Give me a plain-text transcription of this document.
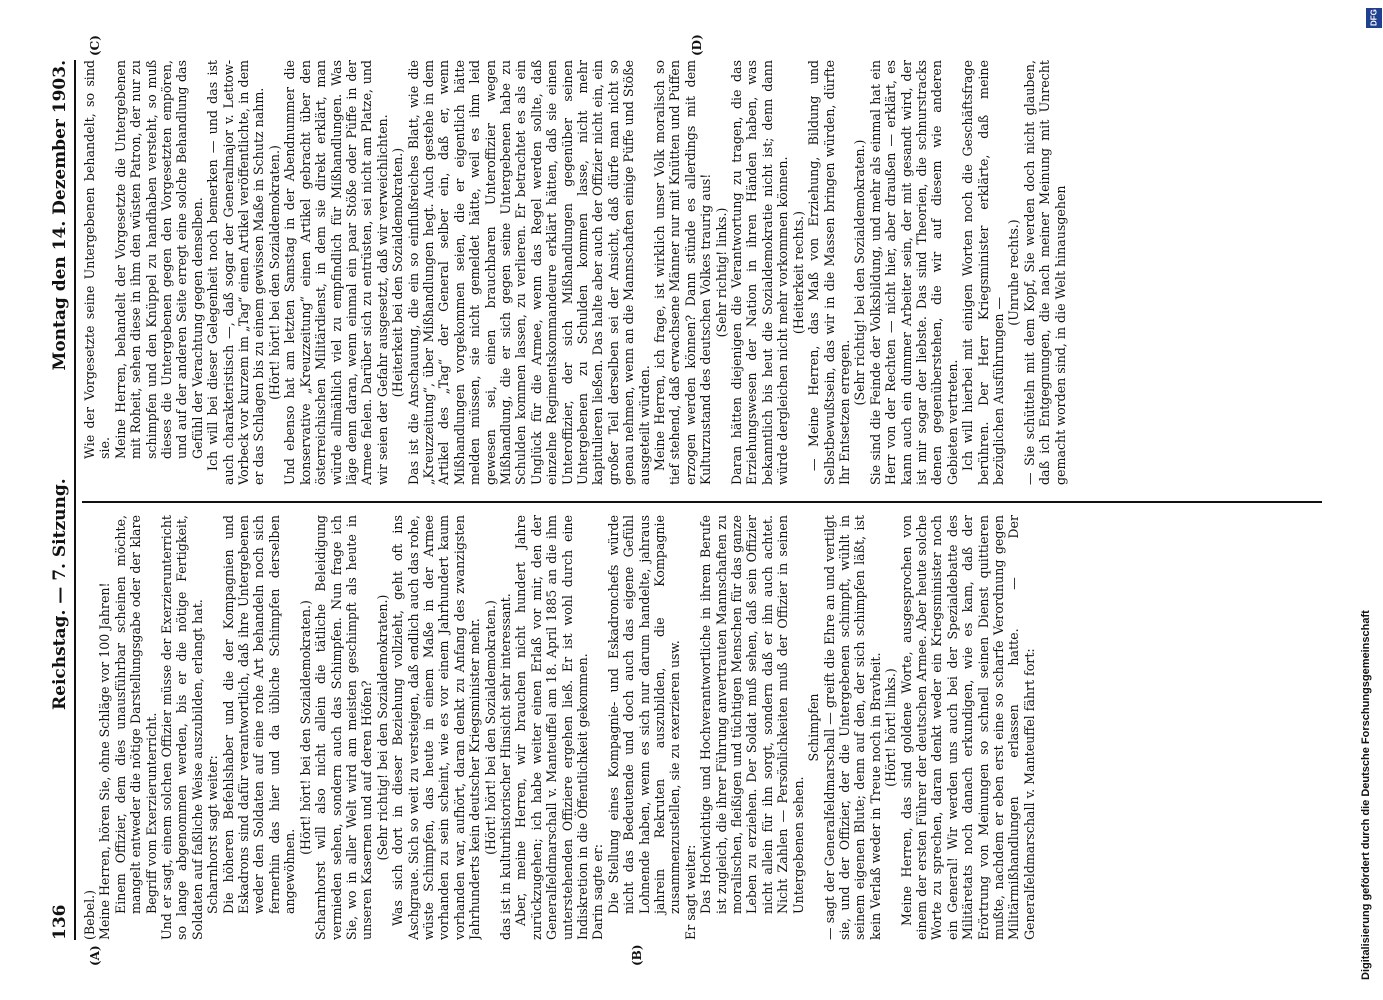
136
Reichstag. — 7. Sitzung.
Montag den 14. Dezember 1903.
(A)	(B)
(C)	(D)

(Bebel.) Meine Herren, hören Sie, ohne Schläge vor 100 Jahren! Einem Offizier, dem dies unausführbar scheinen möchte, mangelt entweder die nötige Darstellungsgabe oder der klare Begriff vom Exerzierunterricht. Und er sagt, einem solchen Offizier müsse der Exerzierunterricht so lange abgenommen werden, bis er die nötige Fertigkeit, Soldaten auf faßliche Weise auszubilden, erlangt hat. Scharnhorst sagt weiter: Die höheren Befehlshaber und die der Kompagnien und Eskadrons sind dafür verantwortlich, daß ihre Untergebenen weder den Soldaten auf eine rohe Art behandeln noch sich fernerhin das hier und da übliche Schimpfen derselben angewöhnen.

(Hört! hört! bei den Sozialdemokraten.) Scharnhorst will also nicht allein die tätliche Beleidigung vermieden sehen, sondern auch das Schimpfen. Nun frage ich Sie, wo in aller Welt wird am meisten geschimpft als heute in unseren Kasernen und auf deren Höfen? (Sehr richtig! bei den Sozialdemokraten.) Was sich dort in dieser Beziehung vollzieht, geht oft ins Aschgraue. Sich so weit zu versteigen, daß endlich auch das rohe, wüste Schimpfen, das heute in einem Maße in der Armee vorhanden zu sein scheint, wie es vor einem Jahrhundert kaum vorhanden war, aufhört, daran denkt zu Anfang des zwanzigsten Jahrhunderts kein deutscher Kriegsminister mehr. (Hört! hört! bei den Sozialdemokraten.) das ist in kulturhistorischer Hinsicht sehr interessant. Aber, meine Herren, wir brauchen nicht hundert Jahre zurückzugehen; ich habe weiter einen Erlaß vor mir, den der Generalfeldmarschall v. Manteuffel am 18. April 1885 an die ihm unterstehenden Offiziere ergehen ließ. Er ist wohl durch eine Indiskretion in die Öffentlichkeit gekommen. Darin sagte er: Die Stellung eines Kompagnie- und Eskadronchefs würde nicht das Bedeutende und doch auch das eigene Gefühl Lohnende haben, wenn es sich nur darum handelte, jahraus jahrein Rekruten auszubilden, die Kompagnie zusammenzustellen, sie zu exerzieren usw. Er sagt weiter: Das Hochwichtige und Hochverantwortliche in ihrem Berufe ist zugleich, die ihrer Führung anvertrauten Mannschaften zu moralischen, fleißigen und tüchtigen Menschen für das ganze Leben zu erziehen. Der Soldat muß sehen, daß sein Offizier nicht allein für ihn sorgt, sondern daß er ihn auch achtet. Nicht Zahlen — Persönlichkeiten muß der Offizier in seinen Untergebenen sehen.

Schimpfen — sagt der Generalfeldmarschall — greift die Ehre an und vertilgt sie, und der Offizier, der die Untergebenen schimpft, wühlt in seinem eigenen Blute; denn auf den, der sich schimpfen läßt, ist kein Verlaß weder in Treue noch in Bravheit. (Hört! hört! links.) Meine Herren, das sind goldene Worte, ausgesprochen von einem der ersten Führer der deutschen Armee. Aber heute solche Worte zu sprechen, daran denkt weder ein Kriegsminister noch ein General! Wir werden uns auch bei der Spezialdebatte des Militäretats noch danach erkundigen, wie es kam, daß der Erörtrung von Meinungen so schnell seinen Dienst quittieren mußte, nachdem er eben erst eine so scharfe Verordnung gegen Militärmißhandlungen erlassen hatte. — Der Generalfeldmarschall v. Manteuffel fährt fort:

Wie der Vorgesetzte seine Untergebenen behandelt, so sind sie. Meine Herren, behandelt der Vorgesetzte die Untergebenen mit Roheit, sehen diese in ihm den wüsten Patron, der nur zu schimpfen und den Knüppel zu handhaben versteht, so muß dieses die Untergebenen gegen den Vorgesetzten empören, und auf der anderen Seite erregt eine solche Behandlung das Gefühl der Verachtung gegen denselben. Ich will bei dieser Gelegenheit noch bemerken — und das ist auch charakteristisch —, daß sogar der Generalmajor v. Lettow-Vorbeck vor kurzem im „Tag“ einen Artikel veröffentlichte, in dem er das Schlagen bis zu einem gewissen Maße in Schutz nahm. (Hört! hört! bei den Sozialdemokraten.) Und ebenso hat am letzten Samstag in der Abendnummer die konservative „Kreuzzeitung“ einen Artikel gebracht über den österreichischen Militärdienst, in dem sie direkt erklärt, man würde allmählich viel zu empfindlich für Mißhandlungen. Was läge denn daran, wenn einmal ein paar Stöße oder Püffe in der Armee fielen. Darüber sich zu entrüsten, sei nicht am Platze, und wir seien der Gefahr ausgesetzt, daß wir verweichlichten. (Heiterkeit bei den Sozialdemokraten.) Das ist die Anschauung, die ein so einflußreiches Blatt, wie die „Kreuzzeitung“, über Mißhandlungen hegt. Auch gestehe in dem Artikel des „Tag“ der General selber ein, daß er, wenn Mißhandlungen vorgekommen seien, die er eigentlich hätte melden müssen, sie nicht gemeldet hätte, weil es ihm leid gewesen sei, einen brauchbaren Unteroffizier wegen Mißhandlung, die er sich gegen seine Untergebenen habe zu Schulden kommen lassen, zu verlieren. Er betrachtet es als ein Unglück für die Armee, wenn das Regel werden sollte, daß einzelne Regimentskommandeure erklärt hätten, daß sie einen Unteroffizier, der sich Mißhandlungen gegenüber seinen Untergebenen zu Schulden kommen lasse, nicht mehr kapitulieren ließen. Das halte aber auch der Offizier nicht ein, ein großer Teil derselben sei der Ansicht, daß dürfe man nicht so genau nehmen, wenn an die Mannschaften einige Püffe und Stöße ausgeteilt würden. Meine Herren, ich frage, ist wirklich unser Volk moralisch so tief stehend, daß erwachsene Männer nur mit Knütten und Püffen erzogen werden können? Dann stünde es allerdings mit dem Kulturzustand des deutschen Volkes traurig aus! (Sehr richtig! links.) Daran hätten diejenigen die Verantwortung zu tragen, die das Erziehungswesen der Nation in ihren Händen haben, was bekanntlich bis heut die Sozialdemokratie nicht ist; denn dann würde dergleichen nicht mehr vorkommen können. (Heiterkeit rechts.) — Meine Herren, das Maß von Erziehung, Bildung und Selbstbewußtsein, das wir in die Massen bringen würden, dürfte Ihr Entsetzen erregen.

(Sehr richtig! bei den Sozialdemokraten.) Sie sind die Feinde der Volksbildung, und mehr als einmal hat ein Herr von der Rechten — nicht hier, aber draußen — erklärt, es kann auch ein dummer Arbeiter sein, der mit gesandt wird, der ist mir sogar der liebste. Das sind Theorien, die schnurstracks denen gegenüberstehen, die wir auf diesem wie anderen Gebieten vertreten. Ich will hierbei mit einigen Worten noch die Geschäftsfrage berühren. Der Herr Kriegsminister erklärte, daß meine bezüglichen Ausführungen —

(Unruhe rechts.) — Sie schütteln mit dem Kopf, Sie werden doch nicht glauben, daß ich Entgegnungen, die nach meiner Meinung mit Unrecht gemacht worden sind, in die Welt hinausgehen

DFG
Digitalisierung gefördert durch die Deutsche Forschungsgemeinschaft
